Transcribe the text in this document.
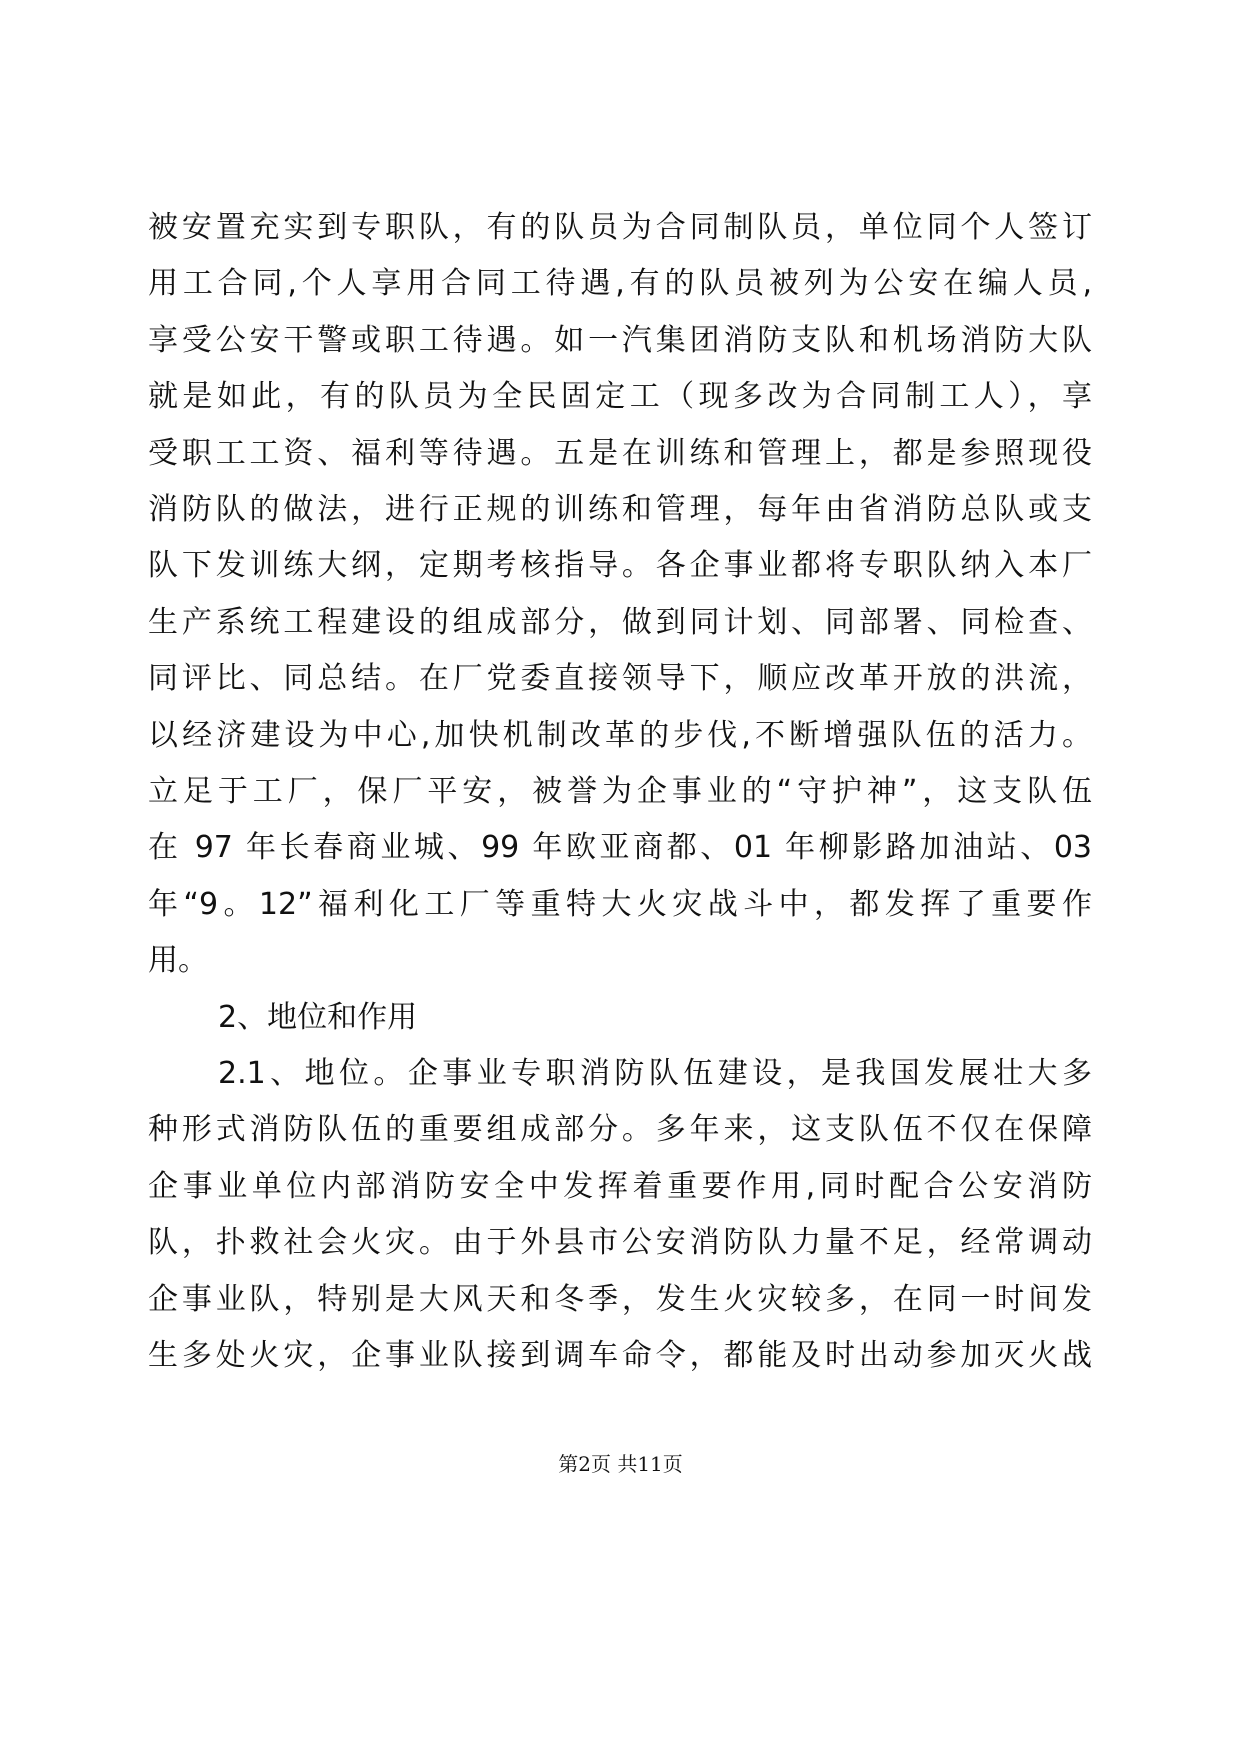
被安置充实到专职队，有的队员为合同制队员，单位同个人签订
用工合同,个人享用合同工待遇,有的队员被列为公安在编人员,
享受公安干警或职工待遇。如一汽集团消防支队和机场消防大队
就是如此，有的队员为全民固定工（现多改为合同制工人），享
受职工工资、福利等待遇。五是在训练和管理上，都是参照现役
消防队的做法，进行正规的训练和管理，每年由省消防总队或支
队下发训练大纲，定期考核指导。各企事业都将专职队纳入本厂
生产系统工程建设的组成部分，做到同计划、同部署、同检查、
同评比、同总结。在厂党委直接领导下，顺应改革开放的洪流，
以经济建设为中心,加快机制改革的步伐,不断增强队伍的活力。
立足于工厂，保厂平安，被誉为企事业的“守护神”，这支队伍
在 97 年长春商业城、99 年欧亚商都、01 年柳影路加油站、03
年“9。12”福利化工厂等重特大火灾战斗中，都发挥了重要作
用。
2、地位和作用
2.1、地位。企事业专职消防队伍建设，是我国发展壮大多
种形式消防队伍的重要组成部分。多年来，这支队伍不仅在保障
企事业单位内部消防安全中发挥着重要作用,同时配合公安消防
队，扑救社会火灾。由于外县市公安消防队力量不足，经常调动
企事业队，特别是大风天和冬季，发生火灾较多，在同一时间发
生多处火灾，企事业队接到调车命令，都能及时出动参加灭火战
第2页 共11页
